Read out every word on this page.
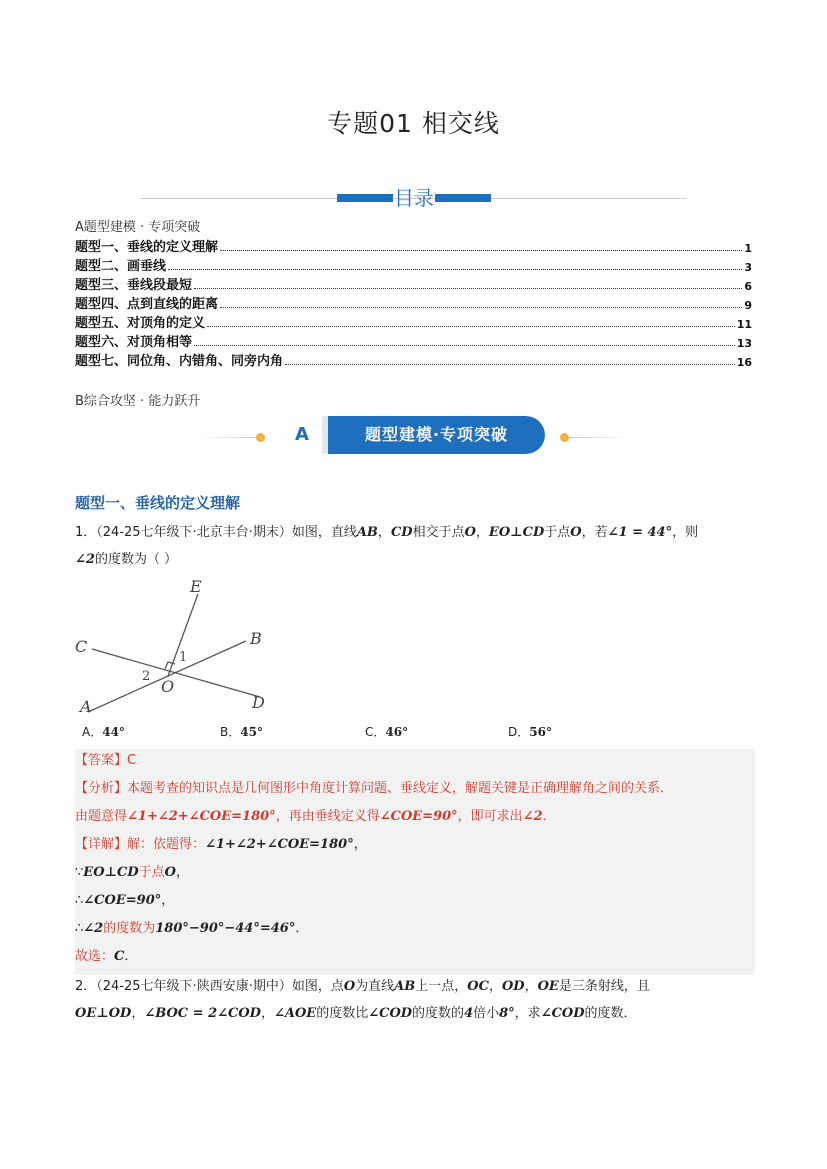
专题01 相交线
目录
A题型建模 · 专项突破
题型一、垂线的定义理解	1
题型二、画垂线	3
题型三、垂线段最短	6
题型四、点到直线的距离	9
题型五、对顶角的定义	11
题型六、对顶角相等	13
题型七、同位角、内错角、同旁内角	16
B综合攻坚 · 能力跃升
A	题型建模·专项突破
题型一、垂线的定义理解
1．（24-25七年级下·北京丰台·期末）如图，直线AB，CD相交于点O，EO⊥CD于点O，若∠1 = 44°，则
∠2的度数为（ ）
E
B
C
D
A
O
1
2
A．44°	B．45°	C．46°	D．56°
【答案】C
【分析】本题考查的知识点是几何图形中角度计算问题、垂线定义，解题关键是正确理解角之间的关系．
由题意得∠1+∠2+∠COE=180°，再由垂线定义得∠COE=90°，即可求出∠2．
【详解】解：依题得：∠1+∠2+∠COE=180°，
∵EO⊥CD于点O，
∴∠COE=90°，
∴∠2的度数为180°−90°−44°=46°．
故选：C．
2．（24-25七年级下·陕西安康·期中）如图，点O为直线AB上一点，OC，OD，OE是三条射线，且
OE⊥OD，∠BOC = 2∠COD，∠AOE的度数比∠COD的度数的4倍小8°，求∠COD的度数．
